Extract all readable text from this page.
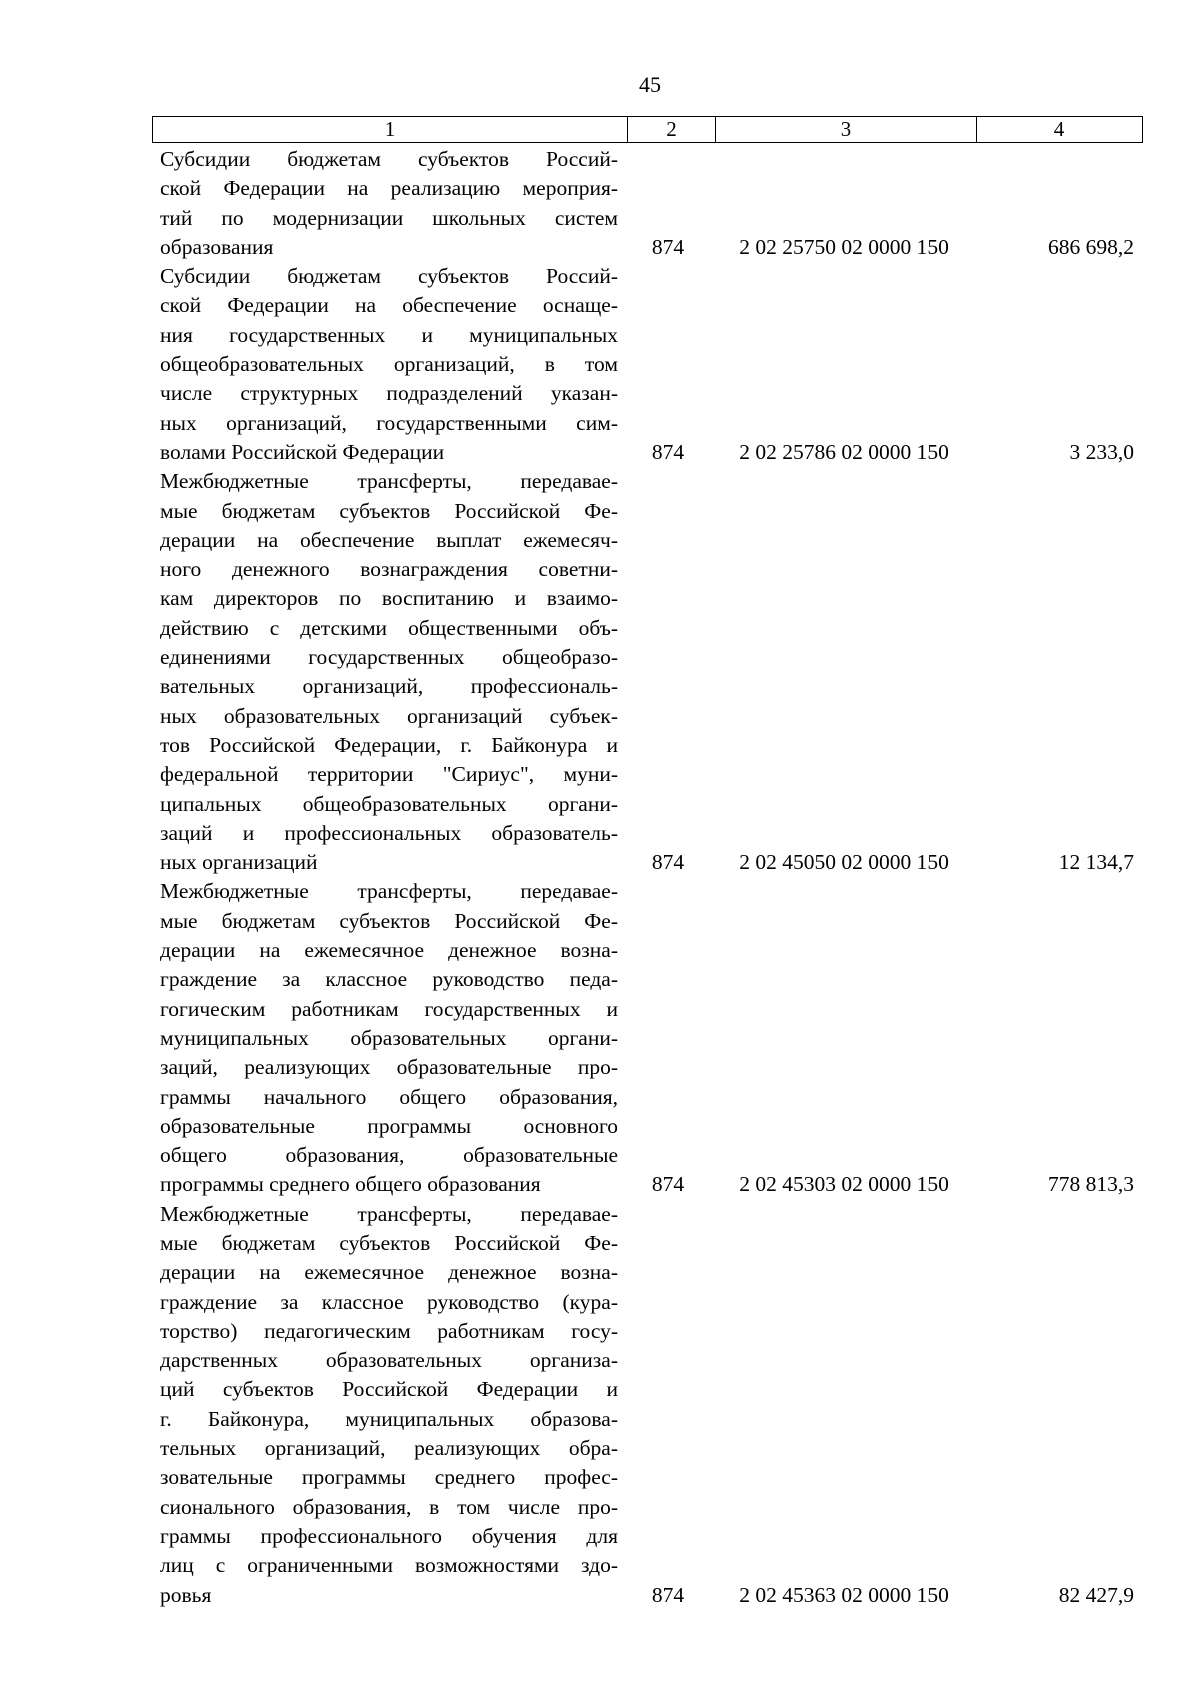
45
1	2	3	4
Субсидии бюджетам субъектов Россий-
ской Федерации на реализацию мероприя-
тий по модернизации школьных систем
образования	874	2 02 25750 02 0000 150	686 698,2
Субсидии бюджетам субъектов Россий-
ской Федерации на обеспечение оснаще-
ния государственных и муниципальных
общеобразовательных организаций, в том
числе структурных подразделений указан-
ных организаций, государственными сим-
волами Российской Федерации	874	2 02 25786 02 0000 150	3 233,0
Межбюджетные трансферты, передавае-
мые бюджетам субъектов Российской Фе-
дерации на обеспечение выплат ежемесяч-
ного денежного вознаграждения советни-
кам директоров по воспитанию и взаимо-
действию с детскими общественными объ-
единениями государственных общеобразо-
вательных организаций, профессиональ-
ных образовательных организаций субъек-
тов Российской Федерации, г. Байконура и
федеральной территории "Сириус", муни-
ципальных общеобразовательных органи-
заций и профессиональных образователь-
ных организаций	874	2 02 45050 02 0000 150	12 134,7
Межбюджетные трансферты, передавае-
мые бюджетам субъектов Российской Фе-
дерации на ежемесячное денежное возна-
граждение за классное руководство педа-
гогическим работникам государственных и
муниципальных образовательных органи-
заций, реализующих образовательные про-
граммы начального общего образования,
образовательные программы основного
общего образования, образовательные
программы среднего общего образования	874	2 02 45303 02 0000 150	778 813,3
Межбюджетные трансферты, передавае-
мые бюджетам субъектов Российской Фе-
дерации на ежемесячное денежное возна-
граждение за классное руководство (кура-
торство) педагогическим работникам госу-
дарственных образовательных организа-
ций субъектов Российской Федерации и
г. Байконура, муниципальных образова-
тельных организаций, реализующих обра-
зовательные программы среднего профес-
сионального образования, в том числе про-
граммы профессионального обучения для
лиц с ограниченными возможностями здо-
ровья	874	2 02 45363 02 0000 150	82 427,9
